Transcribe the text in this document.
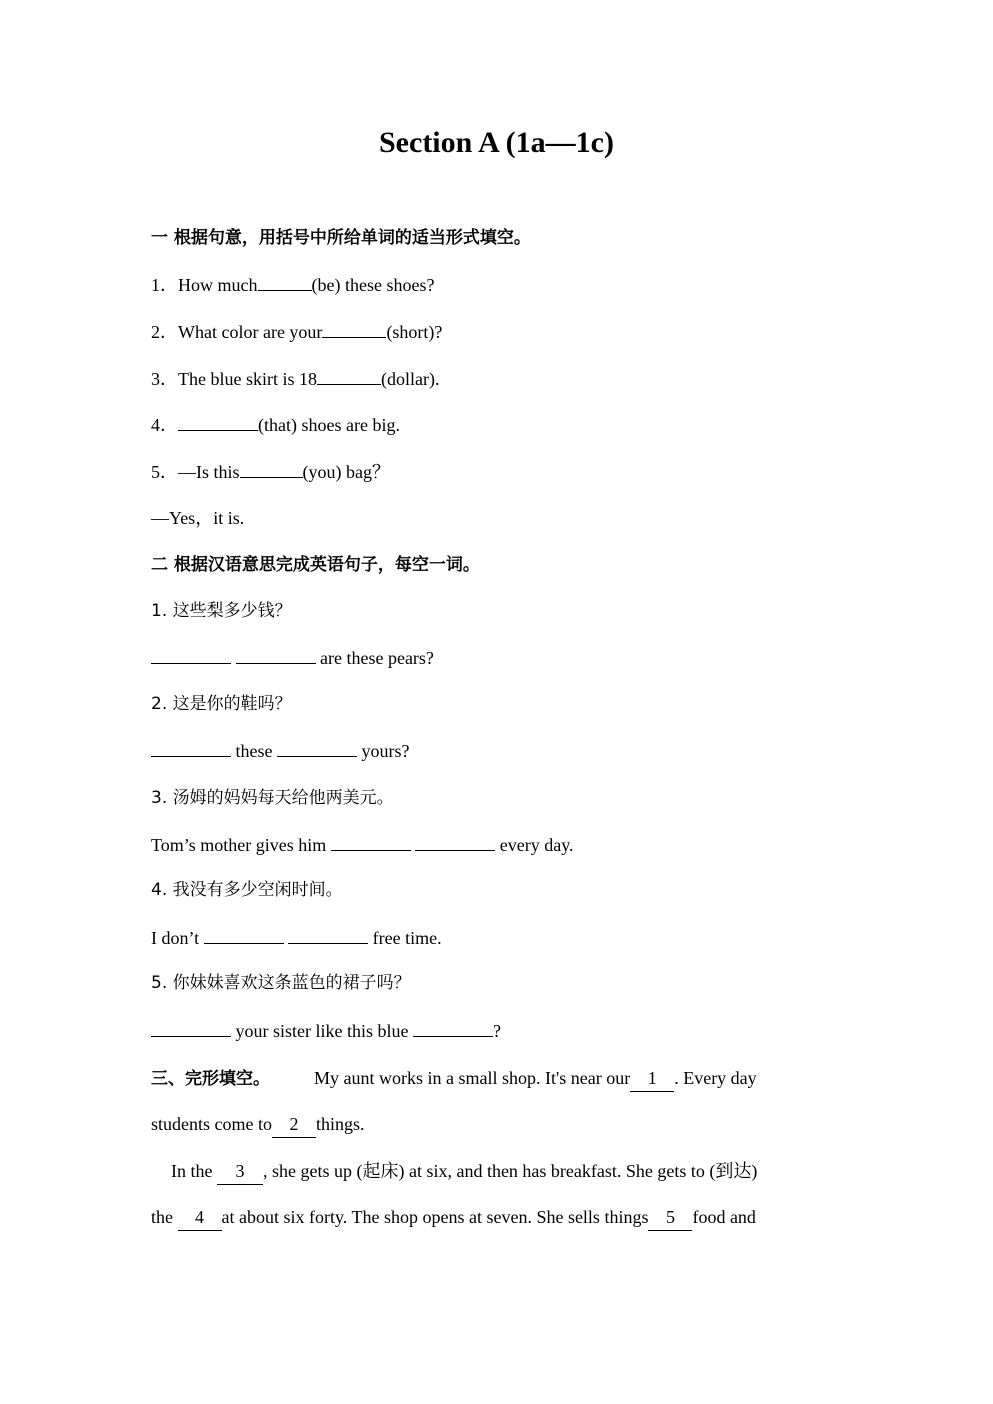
Section A (1a—1c)
一 根据句意，用括号中所给单词的适当形式填空。
1．How much	(be) these shoes?
2．What color are your	(short)?
3．The blue skirt is 18	(dollar).
4．	(that) shoes are big.
5．—Is this	(you) bag？
—Yes，it is.
二 根据汉语意思完成英语句子，每空一词。
1. 这些梨多少钱？
are these pears?
2. 这是你的鞋吗？
these	yours?
3. 汤姆的妈妈每天给他两美元。
Tom’s mother gives him	every day.
4. 我没有多少空闲时间。
I don’t	free time.
5. 你妹妹喜欢这条蓝色的裙子吗？
your sister like this blue	?
三、完形填空。 My aunt works in a small shop. It's near our 1 . Every day
students come to 2 things.
In the 3 , she gets up (起床) at six, and then has breakfast. She gets to (到达)
the 4 at about six forty. The shop opens at seven. She sells things 5 food and
